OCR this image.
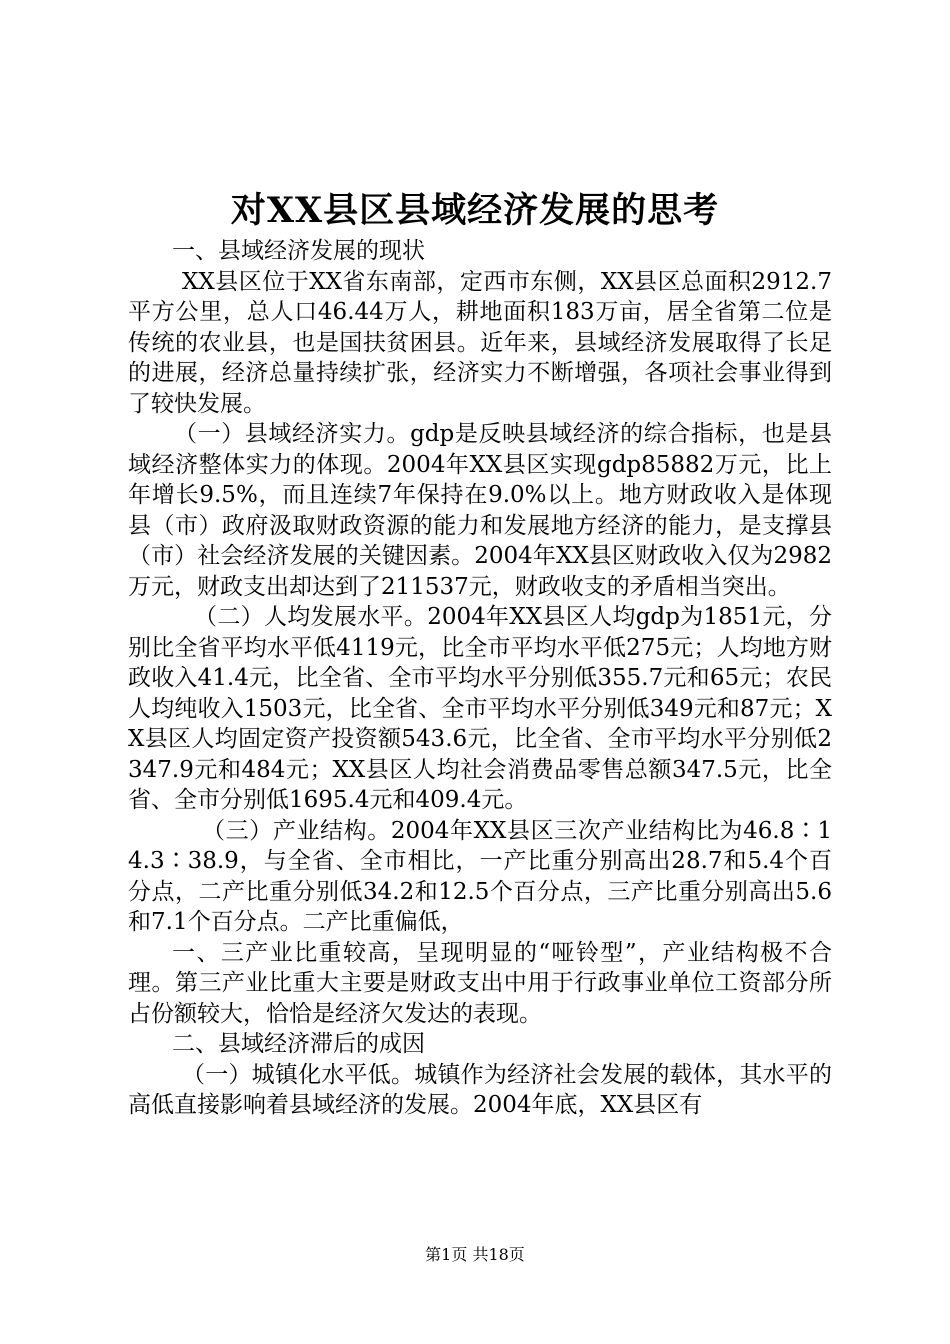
对XX县区县域经济发展的思考

一、县域经济发展的现状

XX县区位于XX省东南部，定西市东侧，XX县区总面积2912.7平方公里，总人口46.44万人，耕地面积183万亩，居全省第二位是传统的农业县，也是国扶贫困县。近年来，县域经济发展取得了长足的进展，经济总量持续扩张，经济实力不断增强，各项社会事业得到了较快发展。

（一）县域经济实力。gdp是反映县域经济的综合指标，也是县域经济整体实力的体现。2004年XX县区实现gdp85882万元，比上年增长9.5%，而且连续7年保持在9.0%以上。地方财政收入是体现县（市）政府汲取财政资源的能力和发展地方经济的能力，是支撑县（市）社会经济发展的关键因素。2004年XX县区财政收入仅为2982万元，财政支出却达到了211537元，财政收支的矛盾相当突出。

（二）人均发展水平。2004年XX县区人均gdp为1851元，分别比全省平均水平低4119元，比全市平均水平低275元；人均地方财政收入41.4元，比全省、全市平均水平分别低355.7元和65元；农民人均纯收入1503元，比全省、全市平均水平分别低349元和87元；XX县区人均固定资产投资额543.6元，比全省、全市平均水平分别低2347.9元和484元；XX县区人均社会消费品零售总额347.5元，比全省、全市分别低1695.4元和409.4元。

（三）产业结构。2004年XX县区三次产业结构比为46.8∶14.3∶38.9，与全省、全市相比，一产比重分别高出28.7和5.4个百分点，二产比重分别低34.2和12.5个百分点，三产比重分别高出5.6和7.1个百分点。二产比重偏低，

一、三产业比重较高，呈现明显的“哑铃型”，产业结构极不合理。第三产业比重大主要是财政支出中用于行政事业单位工资部分所占份额较大，恰恰是经济欠发达的表现。

二、县域经济滞后的成因

（一）城镇化水平低。城镇作为经济社会发展的载体，其水平的高低直接影响着县域经济的发展。2004年底，XX县区有

第1页 共18页
